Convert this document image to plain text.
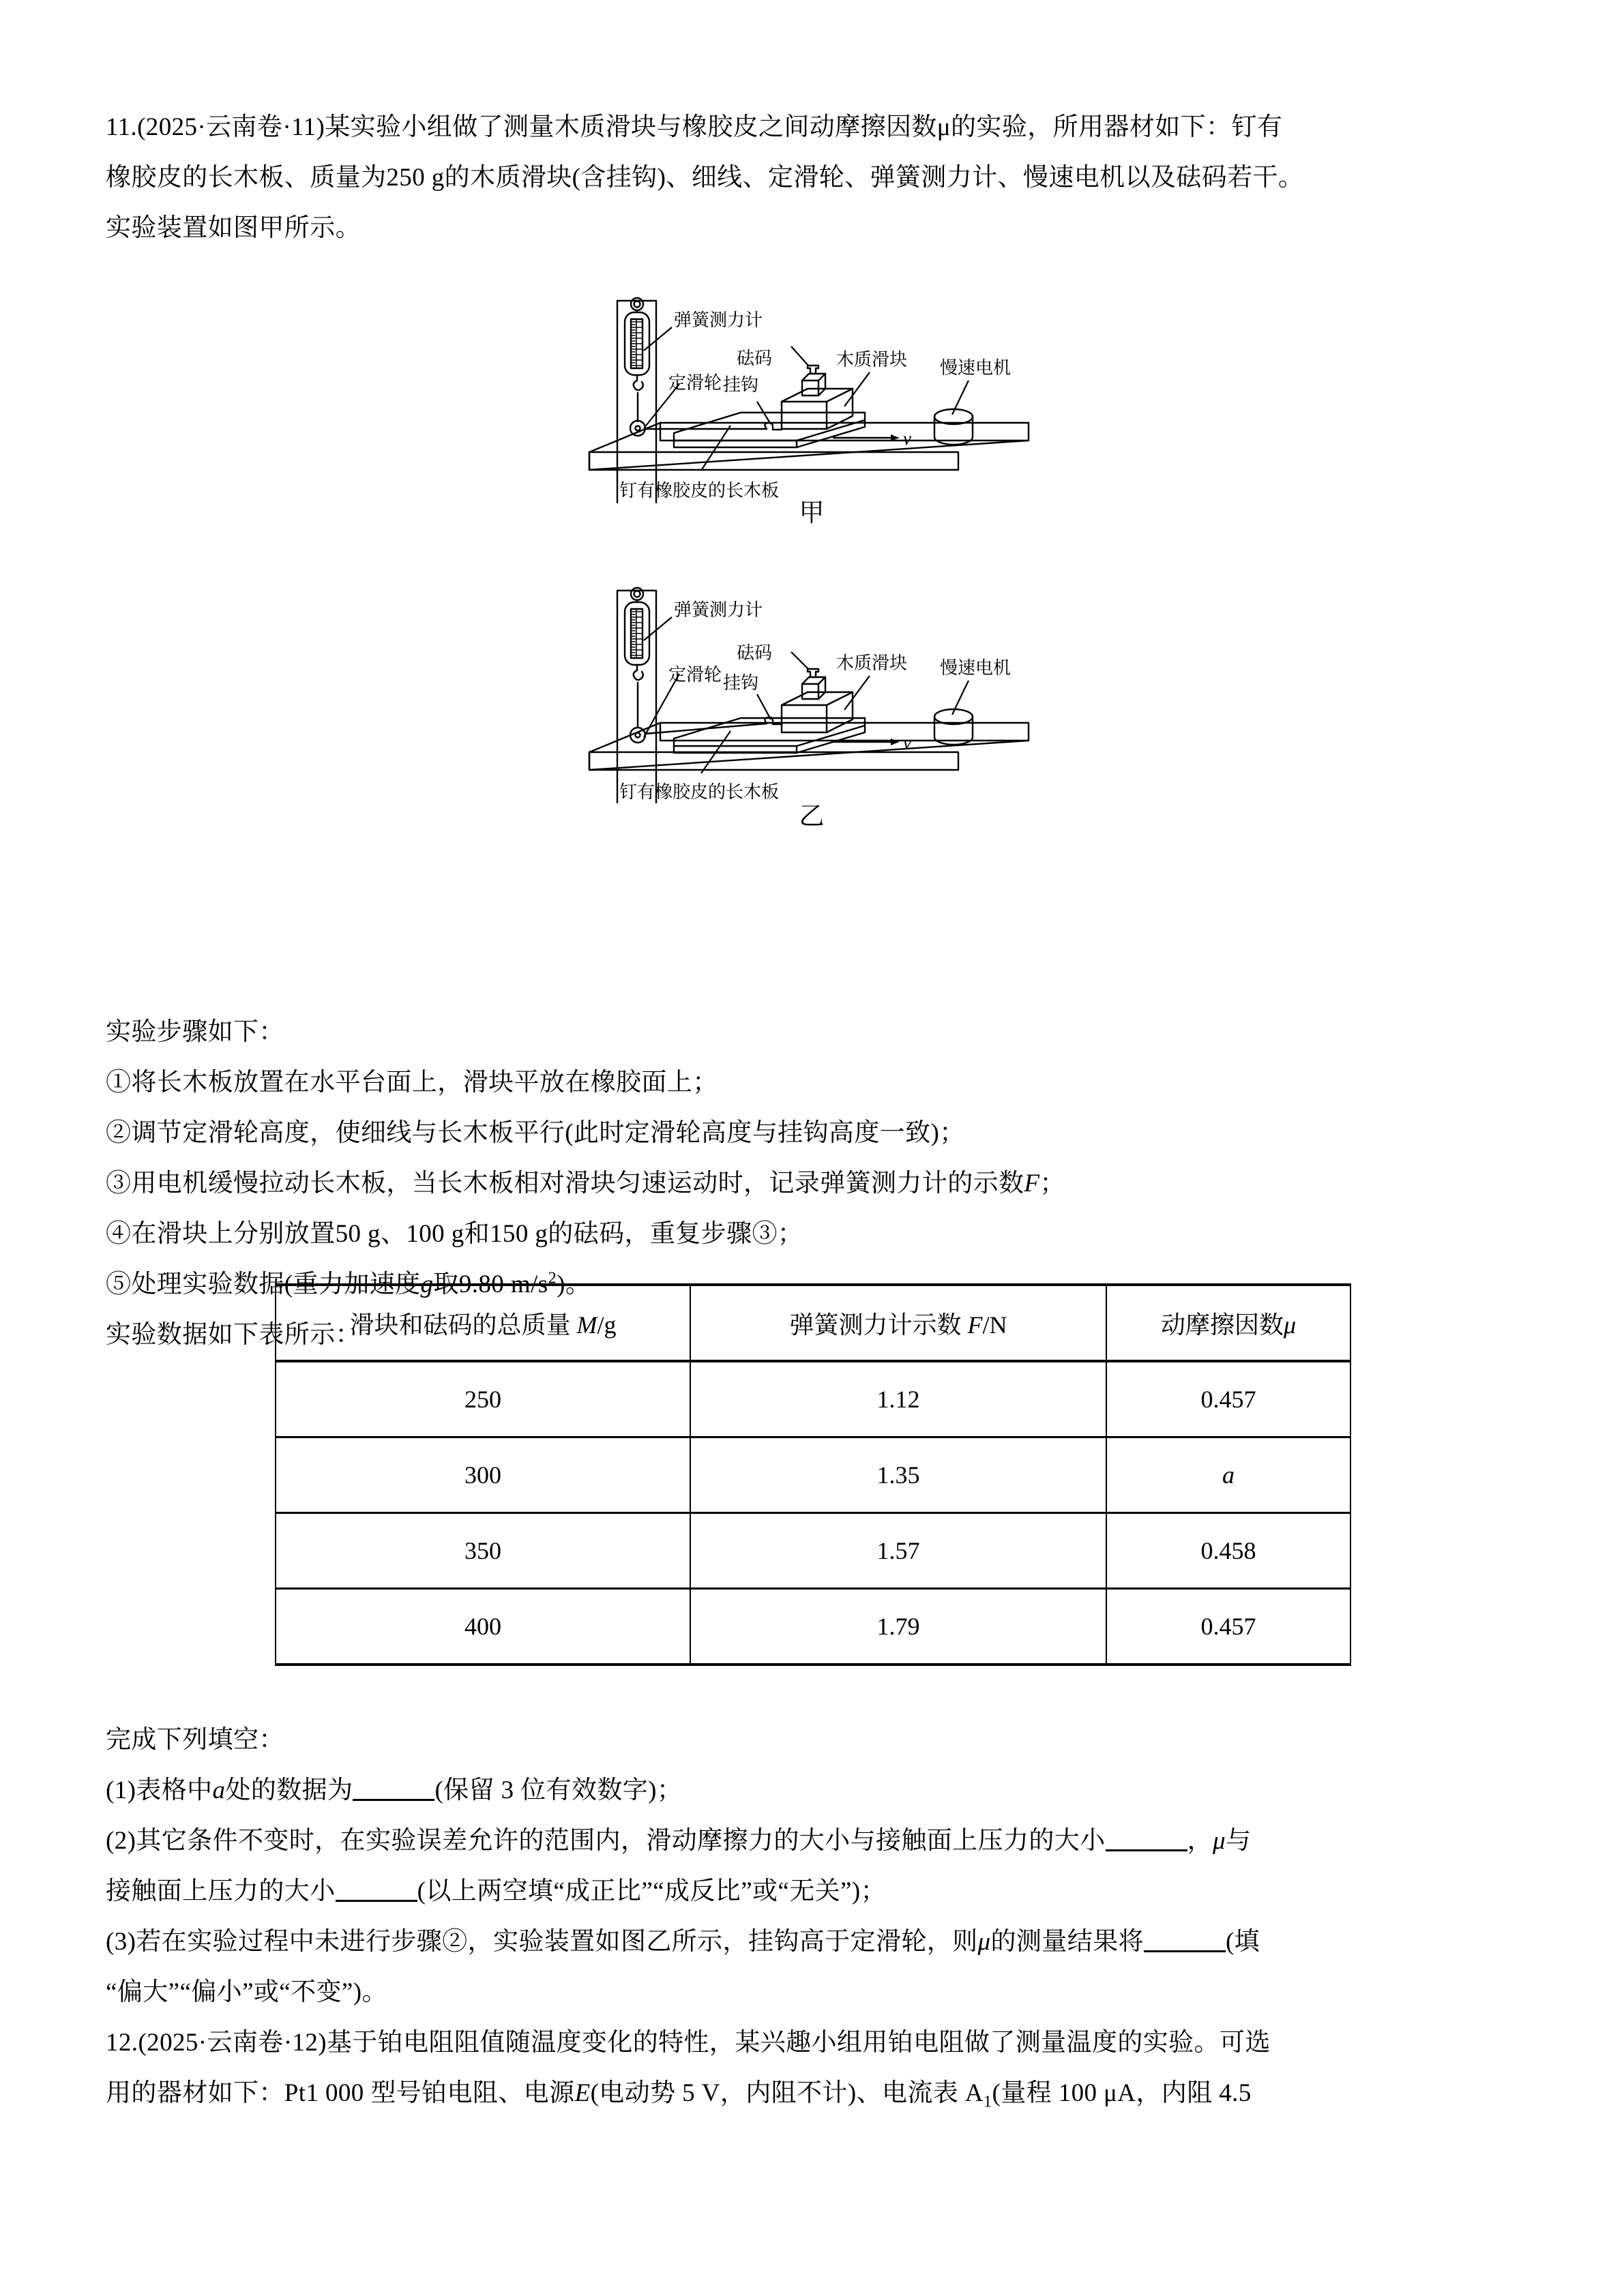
11.(2025·云南卷·11)某实验小组做了测量木质滑块与橡胶皮之间动摩擦因数μ的实验，所用器材如下：钉有

橡胶皮的长木板、质量为250 g的木质滑块(含挂钩)、细线、定滑轮、弹簧测力计、慢速电机以及砝码若干。

实验装置如图甲所示。

实验步骤如下：

①将长木板放置在水平台面上，滑块平放在橡胶面上；

②调节定滑轮高度，使细线与长木板平行(此时定滑轮高度与挂钩高度一致)；

③用电机缓慢拉动长木板，当长木板相对滑块匀速运动时，记录弹簧测力计的示数F；

④在滑块上分别放置50 g、100 g和150 g的砝码，重复步骤③；

⑤处理实验数据(重力加速度g取9.80 $m/s^2$)。

实验数据如下表所示：

完成下列填空：

(1)表格中a处的数据为	(保留 3 位有效数字)；

(2)其它条件不变时，在实验误差允许的范围内，滑动摩擦力的大小与接触面上压力的大小	，μ与

接触面上压力的大小	(以上两空填“成正比”“成反比”或“无关”)；

(3)若在实验过程中未进行步骤②，实验装置如图乙所示，挂钩高于定滑轮，则μ的测量结果将	(填

“偏大”“偏小”或“不变”)。

12.(2025·云南卷·12)基于铂电阻阻值随温度变化的特性，某兴趣小组用铂电阻做了测量温度的实验。可选

用的器材如下：Pt1 000 型号铂电阻、电源E(电动势 5 V，内阻不计)、电流表 $A_1$(量程 100 μA，内阻 4.5

弹簧测力计
定滑轮
砝码
挂钩
木质滑块 慢速电机
钉有橡胶皮的长木板
v
甲
弹簧测力计
定滑轮
砝码
挂钩
木质滑块 慢速电机
钉有橡胶皮的长木板
v
乙
滑块和砝码的总质量 M/g	弹簧测力计示数 F/N	动摩擦因数μ
250	1.12	0.457
300	1.35	a
350	1.57	0.458
400	1.79	0.457
